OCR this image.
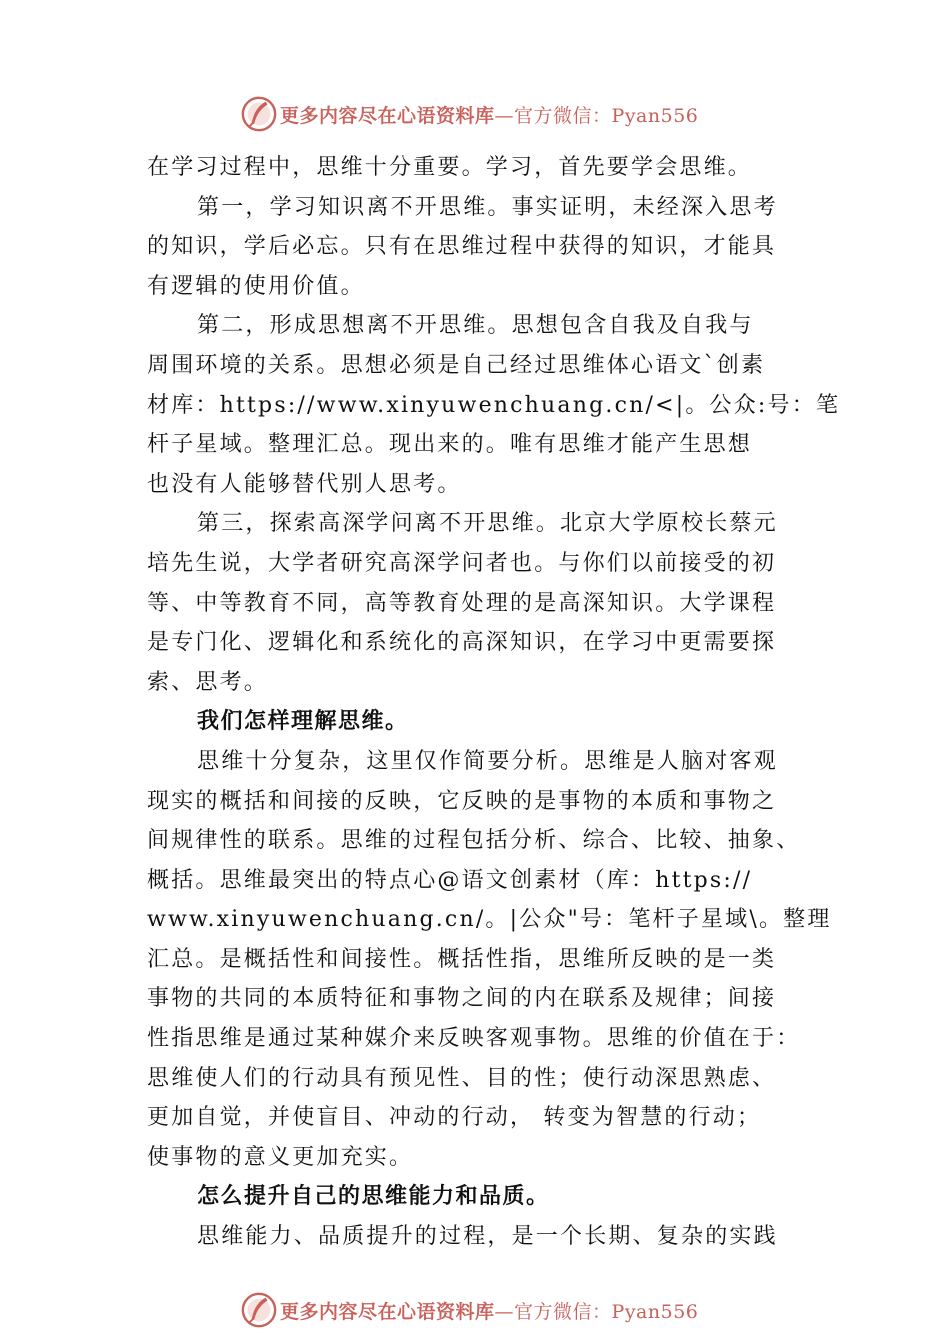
更多内容尽在心语资料库—官方微信：Pyan556
在学习过程中，思维十分重要。学习，首先要学会思维。
第一，学习知识离不开思维。事实证明，未经深入思考
的知识，学后必忘。只有在思维过程中获得的知识，才能具
有逻辑的使用价值。
第二，形成思想离不开思维。思想包含自我及自我与
周围环境的关系。思想必须是自己经过思维体心语文`创素
材库：https://www.xinyuwenchuang.cn/<|。公众:号：笔
杆子星域。整理汇总。现出来的。唯有思维才能产生思想
也没有人能够替代别人思考。
第三，探索高深学问离不开思维。北京大学原校长蔡元
培先生说，大学者研究高深学问者也。与你们以前接受的初
等、中等教育不同，高等教育处理的是高深知识。大学课程
是专门化、逻辑化和系统化的高深知识，在学习中更需要探
索、思考。
我们怎样理解思维。
思维十分复杂，这里仅作简要分析。思维是人脑对客观
现实的概括和间接的反映，它反映的是事物的本质和事物之
间规律性的联系。思维的过程包括分析、综合、比较、抽象、
概括。思维最突出的特点心@语文创素材（库：https://
www.xinyuwenchuang.cn/。|公众"号：笔杆子星域\。整理
汇总。是概括性和间接性。概括性指，思维所反映的是一类
事物的共同的本质特征和事物之间的内在联系及规律；间接
性指思维是通过某种媒介来反映客观事物。思维的价值在于：
思维使人们的行动具有预见性、目的性；使行动深思熟虑、
更加自觉，并使盲目、冲动的行动， 转变为智慧的行动；
使事物的意义更加充实。
怎么提升自己的思维能力和品质。
思维能力、品质提升的过程，是一个长期、复杂的实践
更多内容尽在心语资料库—官方微信：Pyan556
